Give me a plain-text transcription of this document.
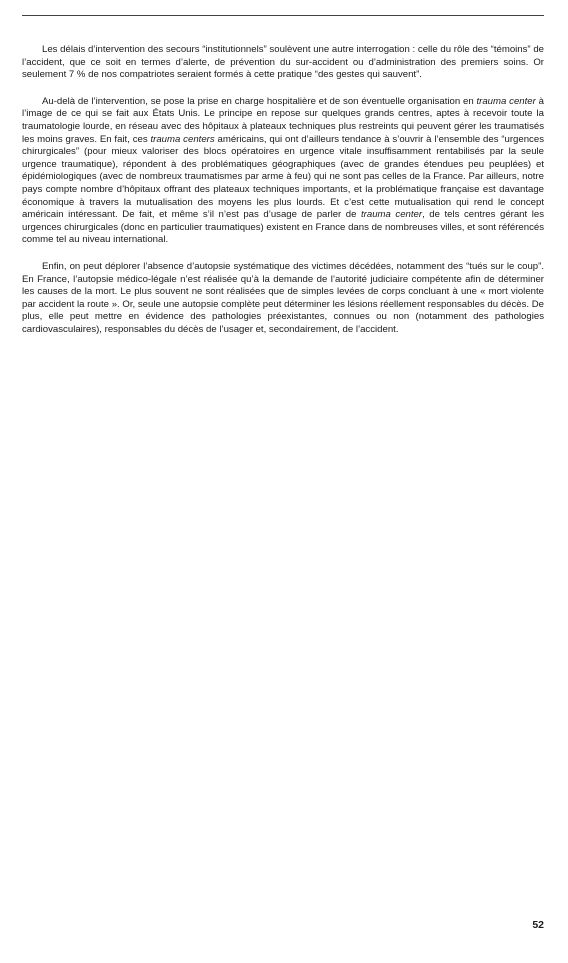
Les délais d’intervention des secours “institutionnels” soulèvent une autre interrogation : celle du rôle des “témoins” de l’accident, que ce soit en termes d’alerte, de prévention du sur-accident ou d’administration des premiers soins. Or seulement 7 % de nos compatriotes seraient formés à cette pratique “des gestes qui sauvent”.

Au-delà de l’intervention, se pose la prise en charge hospitalière et de son éventuelle organisation en trauma center à l’image de ce qui se fait aux États Unis. Le principe en repose sur quelques grands centres, aptes à recevoir toute la traumatologie lourde, en réseau avec des hôpitaux à plateaux techniques plus restreints qui peuvent gérer les traumatisés les moins graves. En fait, ces trauma centers américains, qui ont d’ailleurs tendance à s’ouvrir à l’ensemble des “urgences chirurgicales” (pour mieux valoriser des blocs opératoires en urgence vitale insuffisamment rentabilisés par la seule urgence traumatique), répondent à des problématiques géographiques (avec de grandes étendues peu peuplées) et épidémiologiques (avec de nombreux traumatismes par arme à feu) qui ne sont pas celles de la France. Par ailleurs, notre pays compte nombre d’hôpitaux offrant des plateaux techniques importants, et la problématique française est davantage économique à travers la mutualisation des moyens les plus lourds. Et c’est cette mutualisation qui rend le concept américain intéressant. De fait, et même s’il n’est pas d’usage de parler de trauma center, de tels centres gérant les urgences chirurgicales (donc en particulier traumatiques) existent en France dans de nombreuses villes, et sont référencés comme tel au niveau international.

Enfin, on peut déplorer l’absence d’autopsie systématique des victimes décédées, notamment des “tués sur le coup”. En France, l’autopsie médico-légale n’est réalisée qu’à la demande de l’autorité judiciaire compétente afin de déterminer les causes de la mort. Le plus souvent ne sont réalisées que de simples levées de corps concluant à une « mort violente par accident la route ». Or, seule une autopsie complète peut déterminer les lésions réellement responsables du décès. De plus, elle peut mettre en évidence des pathologies préexistantes, connues ou non (notamment des pathologies cardiovasculaires), responsables du décès de l’usager et, secondairement, de l’accident.

52
